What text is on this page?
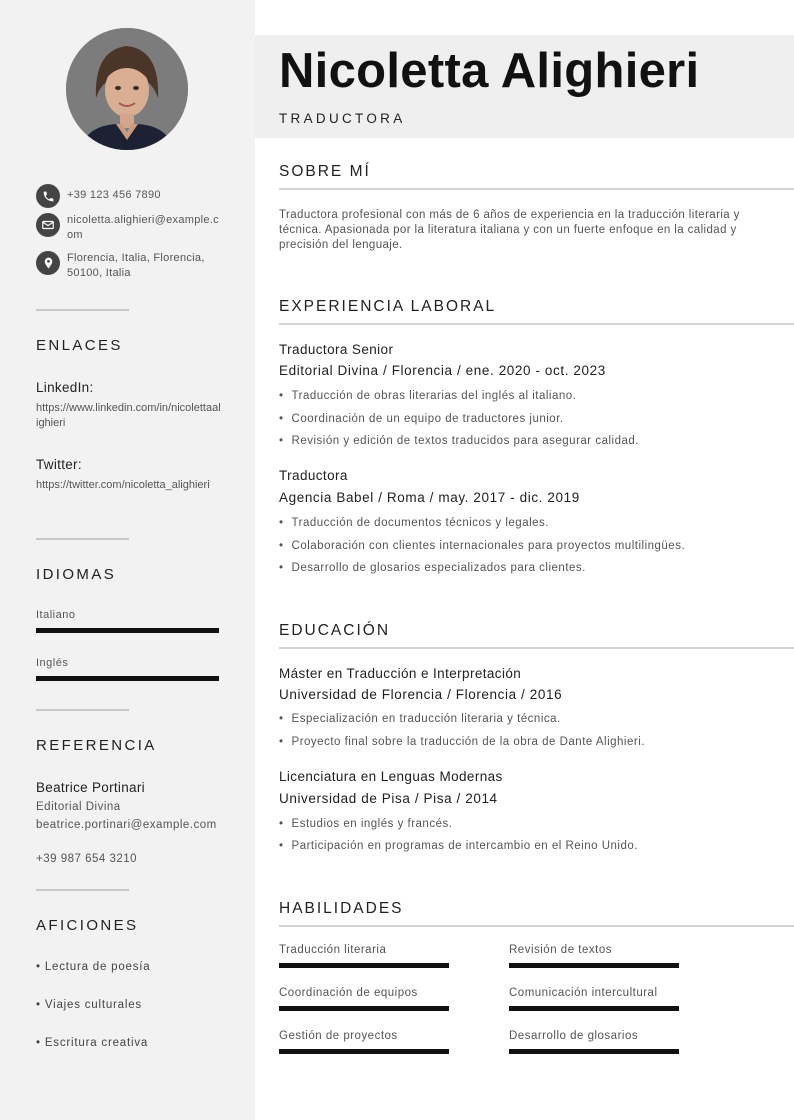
+39 123 456 7890
nicoletta.alighieri@example.com
Florencia, Italia, Florencia, 50100, Italia
ENLACES
LinkedIn:
https://www.linkedin.com/in/nicolettaalighieri
Twitter:
https://twitter.com/nicoletta_alighieri
IDIOMAS
Italiano
Inglés
REFERENCIA
Beatrice Portinari
Editorial Divina
beatrice.portinari@example.com
+39 987 654 3210
AFICIONES
• Lectura de poesía
• Viajes culturales
• Escritura creativa
Nicoletta Alighieri
TRADUCTORA
SOBRE MÍ
Traductora profesional con más de 6 años de experiencia en la traducción literaria y técnica. Apasionada por la literatura italiana y con un fuerte enfoque en la calidad y precisión del lenguaje.
EXPERIENCIA LABORAL
Traductora Senior
Editorial Divina / Florencia / ene. 2020 - oct. 2023
• Traducción de obras literarias del inglés al italiano.
• Coordinación de un equipo de traductores junior.
• Revisión y edición de textos traducidos para asegurar calidad.
Traductora
Agencia Babel / Roma / may. 2017 - dic. 2019
• Traducción de documentos técnicos y legales.
• Colaboración con clientes internacionales para proyectos multilingües.
• Desarrollo de glosarios especializados para clientes.
EDUCACIÓN
Máster en Traducción e Interpretación
Universidad de Florencia / Florencia / 2016
• Especialización en traducción literaria y técnica.
• Proyecto final sobre la traducción de la obra de Dante Alighieri.
Licenciatura en Lenguas Modernas
Universidad de Pisa / Pisa / 2014
• Estudios en inglés y francés.
• Participación en programas de intercambio en el Reino Unido.
HABILIDADES
Traducción literaria	Revisión de textos
Coordinación de equipos	Comunicación intercultural
Gestión de proyectos	Desarrollo de glosarios
